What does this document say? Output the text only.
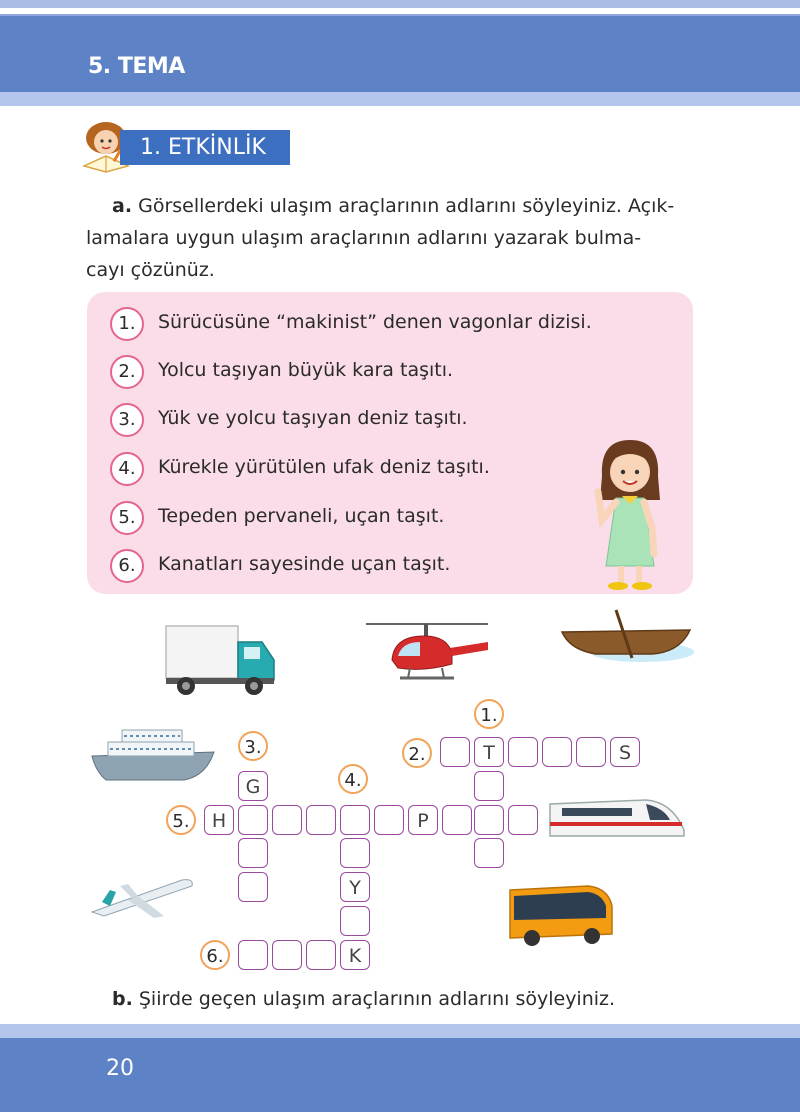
5. TEMA
1. ETKİNLİK
a. Görsellerdeki ulaşım araçlarının adlarını söyleyiniz. Açık-
lamalara uygun ulaşım araçlarının adlarını yazarak bulma-
cayı çözünüz.
1.	Sürücüsüne “makinist” denen vagonlar dizisi.
2.	Yolcu taşıyan büyük kara taşıtı.
3.	Yük ve yolcu taşıyan deniz taşıtı.
4.	Kürekle yürütülen ufak deniz taşıtı.
5.	Tepeden pervaneli, uçan taşıt.
6.	Kanatları sayesinde uçan taşıt.
1.
2.
3.
4.
5.
6.
T	S
G
H	P
Y
K
b. Şiirde geçen ulaşım araçlarının adlarını söyleyiniz.
20
